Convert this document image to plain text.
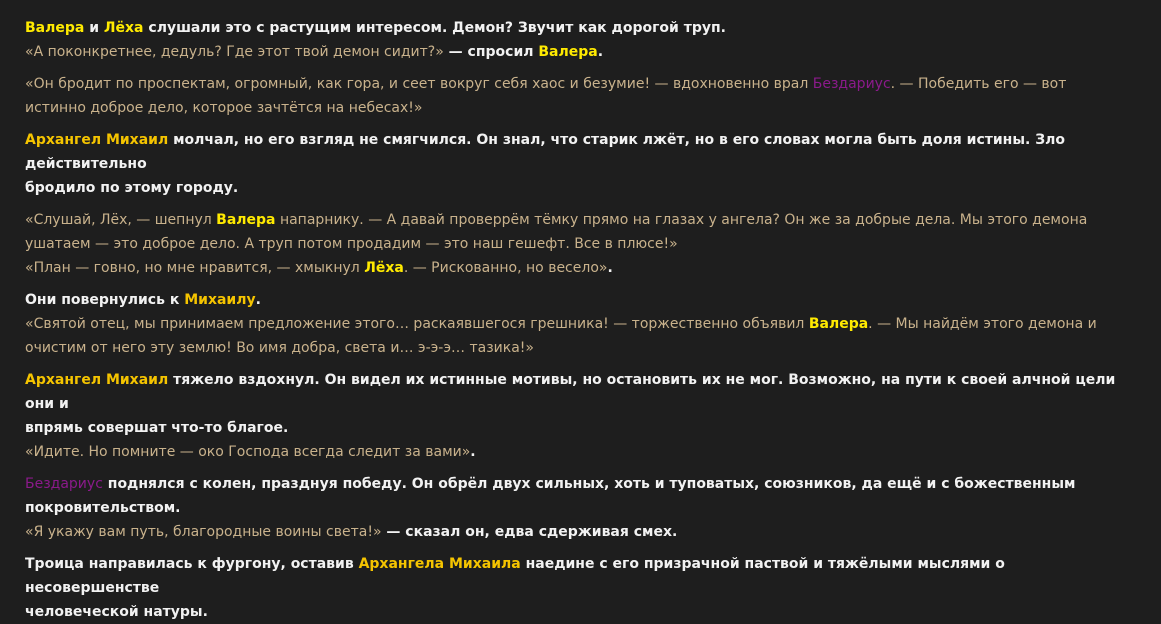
Валера и Лёха слушали это с растущим интересом. Демон? Звучит как дорогой труп.
«А поконкретнее, дедуль? Где этот твой демон сидит?» — спросил Валера.
«Он бродит по проспектам, огромный, как гора, и сеет вокруг себя хаос и безумие! — вдохновенно врал Бездариус. — Победить его — вот
истинно доброе дело, которое зачтётся на небесах!»
Архангел Михаил молчал, но его взгляд не смягчился. Он знал, что старик лжёт, но в его словах могла быть доля истины. Зло действительно
бродило по этому городу.
«Слушай, Лёх, — шепнул Валера напарнику. — А давай проверрём тёмку прямо на глазах у ангела? Он же за добрые дела. Мы этого демона
ушатаем — это доброе дело. А труп потом продадим — это наш гешефт. Все в плюсе!»
«План — говно, но мне нравится, — хмыкнул Лёха. — Рискованно, но весело».
Они повернулись к Михаилу.
«Святой отец, мы принимаем предложение этого… раскаявшегося грешника! — торжественно объявил Валера. — Мы найдём этого демона и
очистим от него эту землю! Во имя добра, света и… э-э-э… тазика!»
Архангел Михаил тяжело вздохнул. Он видел их истинные мотивы, но остановить их не мог. Возможно, на пути к своей алчной цели они и
впрямь совершат что-то благое.
«Идите. Но помните — око Господа всегда следит за вами».
Бездариус поднялся с колен, празднуя победу. Он обрёл двух сильных, хоть и туповатых, союзников, да ещё и с божественным
покровительством.
«Я укажу вам путь, благородные воины света!» — сказал он, едва сдерживая смех.
Троица направилась к фургону, оставив Архангела Михаила наедине с его призрачной паствой и тяжёлыми мыслями о несовершенстве
человеческой натуры.
